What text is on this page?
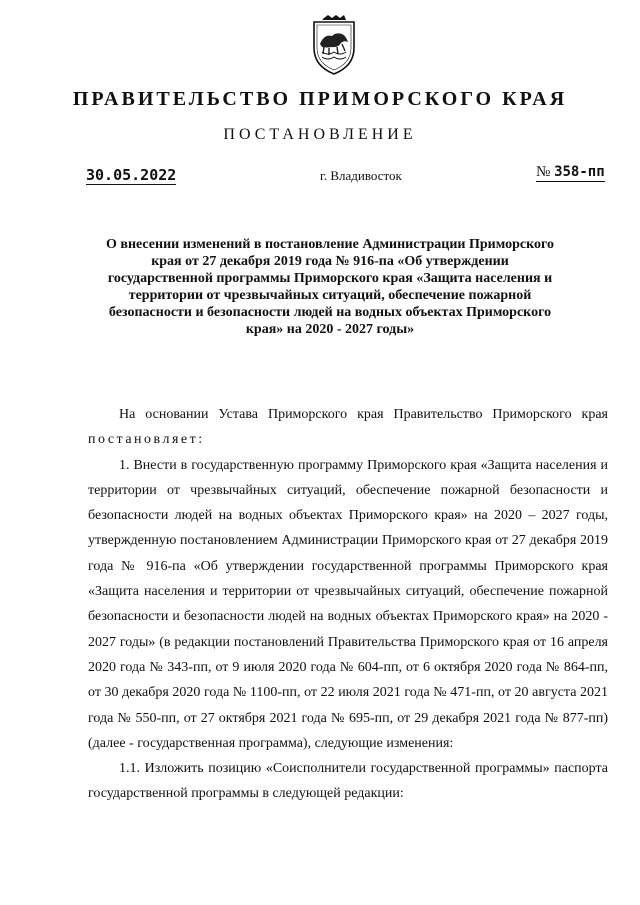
ПРАВИТЕЛЬСТВО ПРИМОРСКОГО КРАЯ
ПОСТАНОВЛЕНИЕ
30.05.2022	г. Владивосток	№ 358-пп
О внесении изменений в постановление Администрации Приморского края от 27 декабря 2019 года № 916-па «Об утверждении государственной программы Приморского края «Защита населения и территории от чрезвычайных ситуаций, обеспечение пожарной безопасности и безопасности людей на водных объектах Приморского края» на 2020 - 2027 годы»

На основании Устава Приморского края Правительство Приморского края постановляет:

1. Внести в государственную программу Приморского края «Защита населения и территории от чрезвычайных ситуаций, обеспечение пожарной безопасности и безопасности людей на водных объектах Приморского края» на 2020 – 2027 годы, утвержденную постановлением Администрации Приморского края от 27 декабря 2019 года № 916-па «Об утверждении государственной программы Приморского края «Защита населения и территории от чрезвычайных ситуаций, обеспечение пожарной безопасности и безопасности людей на водных объектах Приморского края» на 2020 - 2027 годы» (в редакции постановлений Правительства Приморского края от 16 апреля 2020 года № 343-пп, от 9 июля 2020 года № 604-пп, от 6 октября 2020 года № 864-пп, от 30 декабря 2020 года № 1100-пп, от 22 июля 2021 года № 471-пп, от 20 августа 2021 года № 550-пп, от 27 октября 2021 года № 695-пп, от 29 декабря 2021 года № 877-пп) (далее - государственная программа), следующие изменения:

1.1. Изложить позицию «Соисполнители государственной программы» паспорта государственной программы в следующей редакции:
